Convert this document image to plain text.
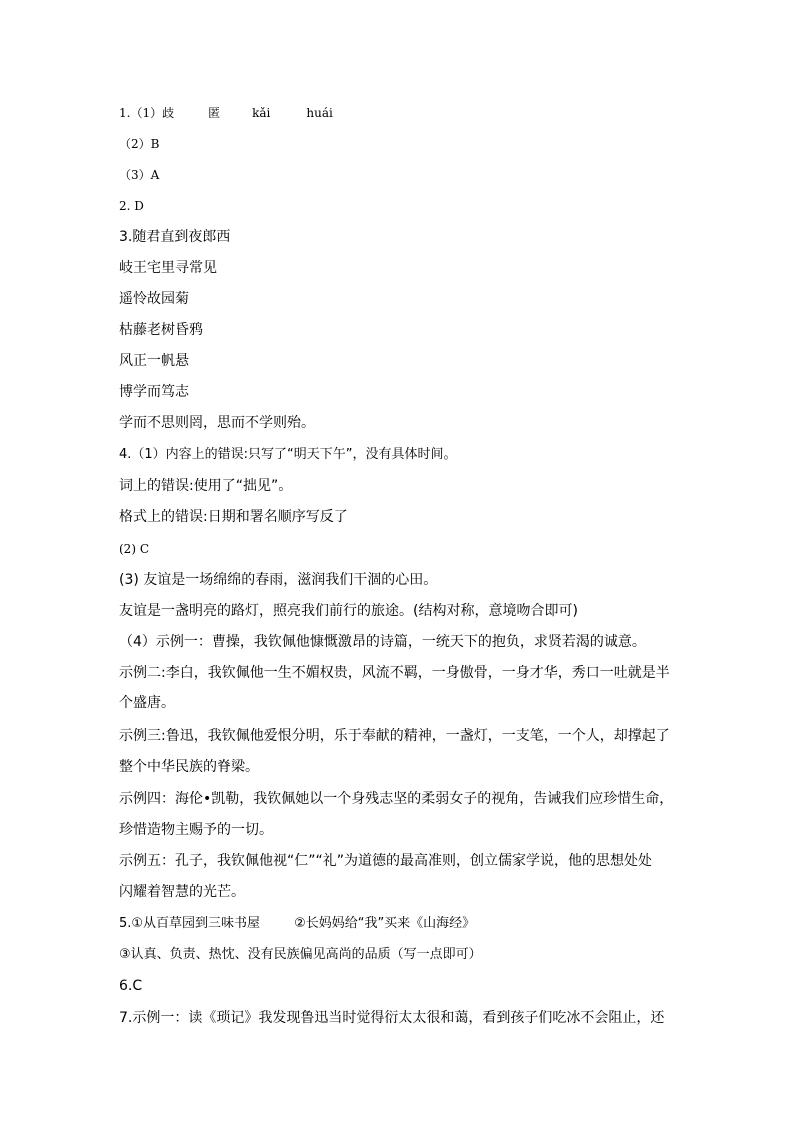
1.（1）歧	匿	kǎi	huái
（2）B
（3）A
2. D
3.随君直到夜郎西
岐王宅里寻常见
遥怜故园菊
枯藤老树昏鸦
风正一帆悬
博学而笃志
学而不思则罔，思而不学则殆。
4.（1）内容上的错误:只写了“明天下午”，没有具体时间。
词上的错误:使用了“拙见”。
格式上的错误:日期和署名顺序写反了
(2) C
(3) 友谊是一场绵绵的春雨，滋润我们干涸的心田。
友谊是一盏明亮的路灯，照亮我们前行的旅途。(结构对称，意境吻合即可)
（4）示例一：曹操，我钦佩他慷慨激昂的诗篇，一统天下的抱负，求贤若渴的诚意。
示例二:李白，我钦佩他一生不媚权贵，风流不羁，一身傲骨，一身才华，秀口一吐就是半
个盛唐。
示例三:鲁迅，我钦佩他爱恨分明，乐于奉献的精神，一盏灯，一支笔，一个人，却撑起了
整个中华民族的脊梁。
示例四：海伦•凯勒，我钦佩她以一个身残志坚的柔弱女子的视角，告诫我们应珍惜生命，
珍惜造物主赐予的一切。
示例五：孔子，我钦佩他视“仁”“礼”为道德的最高准则，创立儒家学说，他的思想处处
闪耀着智慧的光芒。
5.①从百草园到三味书屋	②长妈妈给“我”买来《山海经》
③认真、负责、热忱、没有民族偏见高尚的品质（写一点即可）
6.C
7.示例一：读《琐记》我发现鲁迅当时觉得衍太太很和蔼，看到孩子们吃冰不会阻止，还
